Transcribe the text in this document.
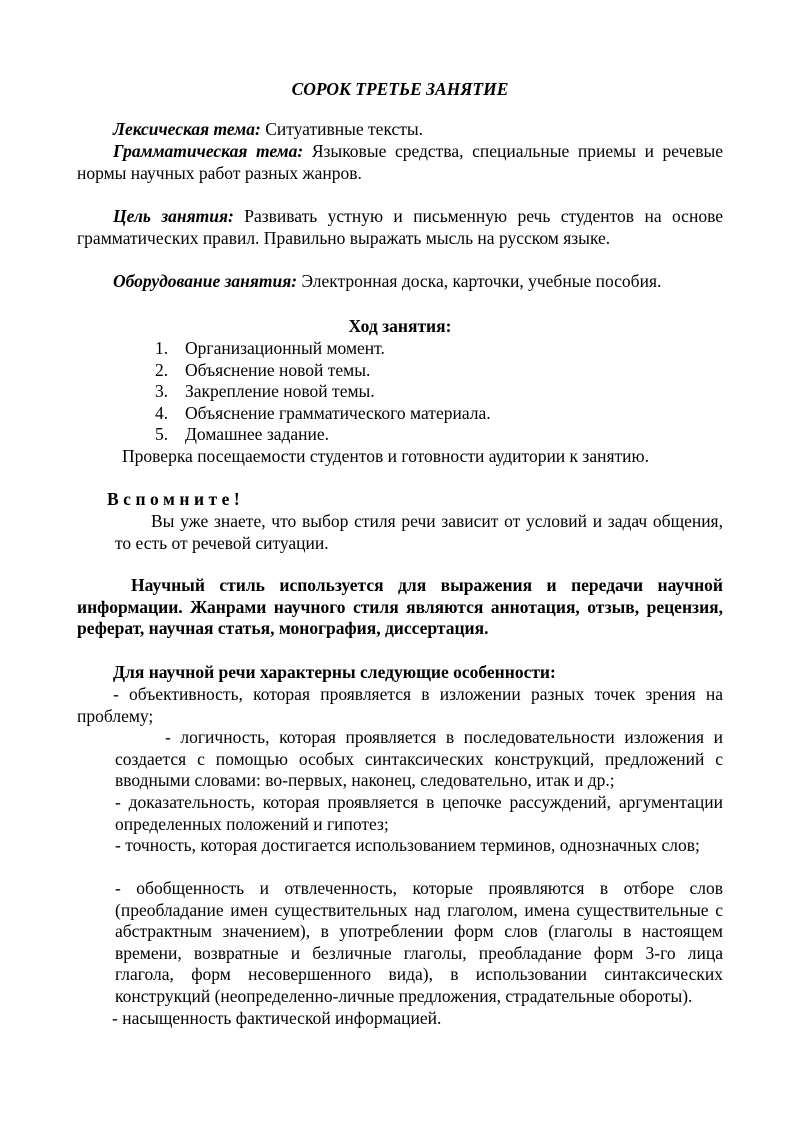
СОРОК ТРЕТЬЕ ЗАНЯТИЕ
Лексическая тема: Ситуативные тексты.
Грамматическая тема: Языковые средства, специальные приемы и речевые нормы научных работ разных жанров.
Цель занятия: Развивать устную и письменную речь студентов на основе грамматических правил. Правильно выражать мысль на русском языке.
Оборудование занятия: Электронная доска, карточки, учебные пособия.
Ход занятия:
1. Организационный момент.
2. Объяснение новой темы.
3. Закрепление новой темы.
4. Объяснение грамматического материала.
5. Домашнее задание.
Проверка посещаемости студентов и готовности аудитории к занятию.
Вспомните!
Вы уже знаете, что выбор стиля речи зависит от условий и задач общения, то есть от речевой ситуации.
Научный стиль используется для выражения и передачи научной информации. Жанрами научного стиля являются аннотация, отзыв, рецензия, реферат, научная статья, монография, диссертация.
Для научной речи характерны следующие особенности:
- объективность, которая проявляется в изложении разных точек зрения на проблему;
- логичность, которая проявляется в последовательности изложения и создается с помощью особых синтаксических конструкций, предложений с вводными словами: во-первых, наконец, следовательно, итак и др.;
- доказательность, которая проявляется в цепочке рассуждений, аргументации определенных положений и гипотез;
- точность, которая достигается использованием терминов, однозначных слов;
- обобщенность и отвлеченность, которые проявляются в отборе слов (преобладание имен существительных над глаголом, имена существительные с абстрактным значением), в употреблении форм слов (глаголы в настоящем времени, возвратные и безличные глаголы, преобладание форм 3-го лица глагола, форм несовершенного вида), в использовании синтаксических конструкций (неопределенно-личные предложения, страдательные обороты).
- насыщенность фактической информацией.
